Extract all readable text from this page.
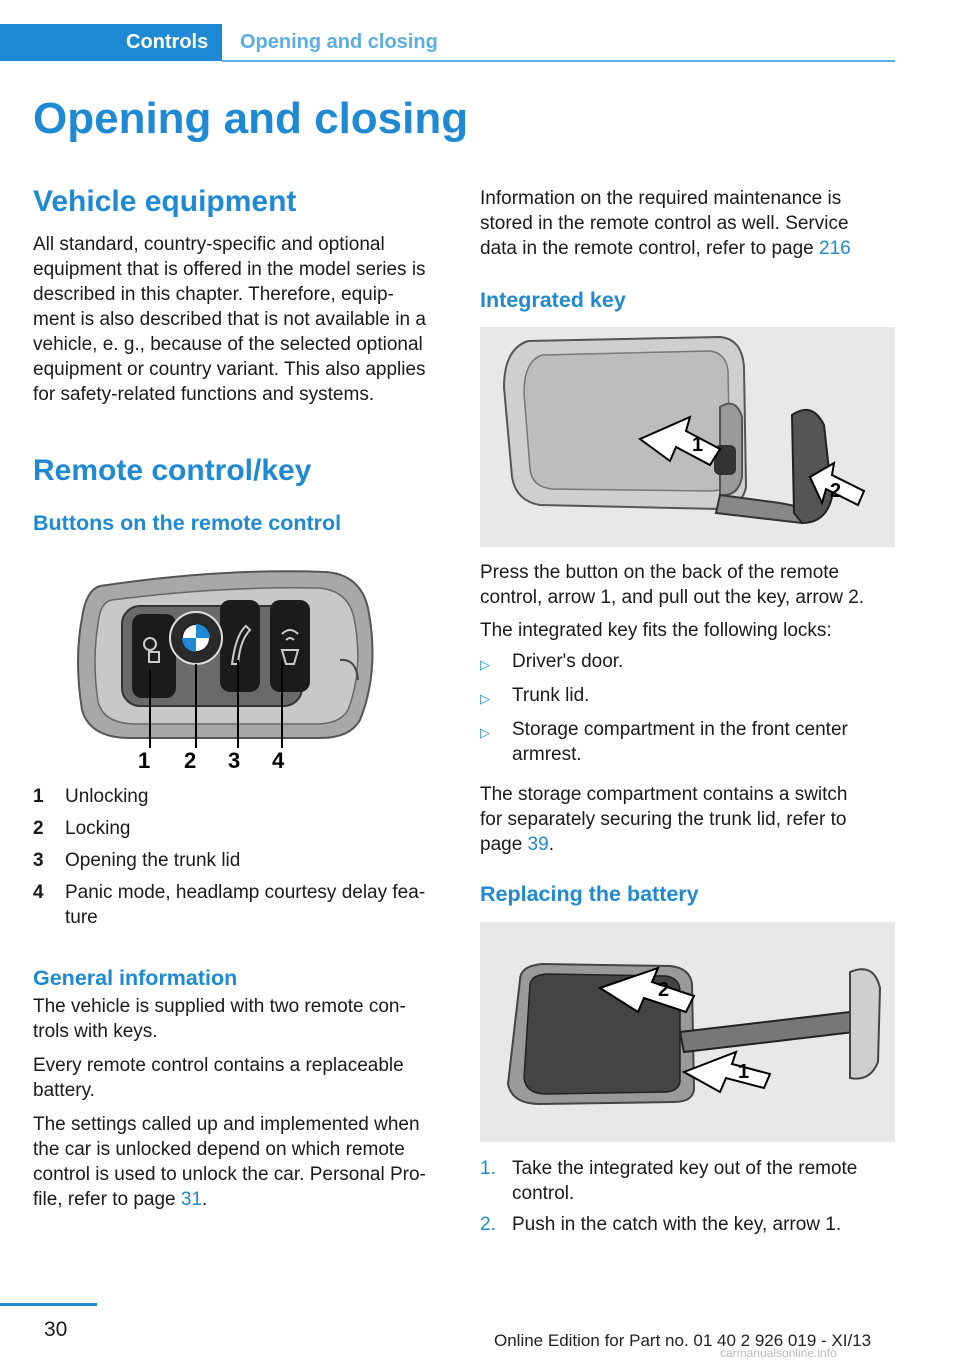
Controls	Opening and closing
Opening and closing
Vehicle equipment

All standard, country-specific and optional
equipment that is offered in the model series is
described in this chapter. Therefore, equip‐
ment is also described that is not available in a
vehicle, e. g., because of the selected optional
equipment or country variant. This also applies
for safety-related functions and systems.

Remote control/key
Buttons on the remote control
1 2 3 4
1	Unlocking
2	Locking
3	Opening the trunk lid
4	Panic mode, headlamp courtesy delay fea‐
ture
General information

The vehicle is supplied with two remote con‐
trols with keys.

Every remote control contains a replaceable
battery.

The settings called up and implemented when
the car is unlocked depend on which remote
control is used to unlock the car. Personal Pro‐
file, refer to page 31.

Information on the required maintenance is
stored in the remote control as well. Service
data in the remote control, refer to page 216

Integrated key
1
2

Press the button on the back of the remote
control, arrow 1, and pull out the key, arrow 2.

The integrated key fits the following locks:

▷	Driver's door.
▷	Trunk lid.
▷	Storage compartment in the front center
armrest.

The storage compartment contains a switch
for separately securing the trunk lid, refer to
page 39.

Replacing the battery
2
1
1. Take the integrated key out of the remote
control.
2. Push in the catch with the key, arrow 1.
30	Online Edition for Part no. 01 40 2 926 019 - XI/13
carmanualsonline.info
